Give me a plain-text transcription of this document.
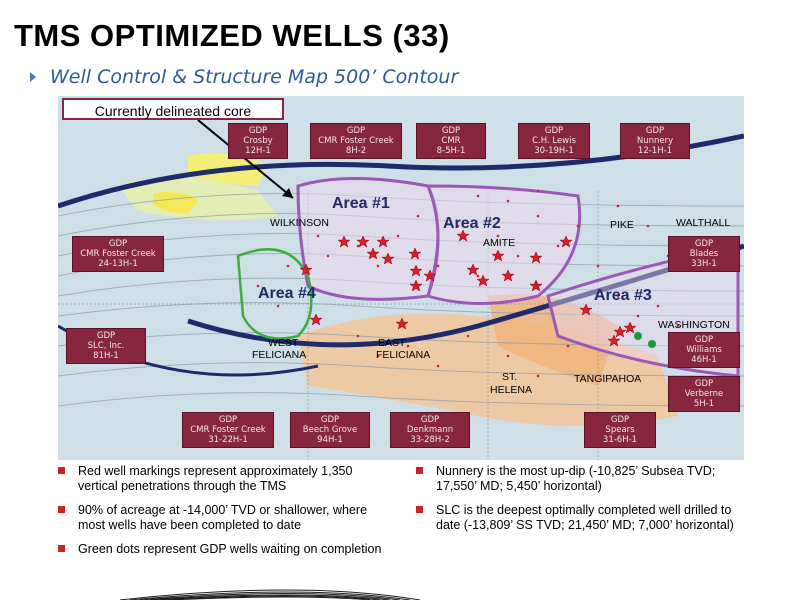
TMS OPTIMIZED WELLS (33)
Well Control & Structure Map 500’ Contour
Area #1
Area #2
Area #3
Area #4
WILKINSON
AMITE
PIKE	WALTHALL
WASHINGTON
WEST
FELICIANA
EAST
FELICIANA
ST.
HELENA
TANGIPAHOA
Currently delineated core
GDP
Crosby
12H-1
GDP
CMR Foster Creek
8H-2
GDP
CMR
8-5H-1
GDP
C.H. Lewis
30-19H-1
GDP
Nunnery
12-1H-1
GDP
CMR Foster Creek
24-13H-1
GDP
Blades
33H-1
GDP
SLC, Inc.
81H-1
GDP
Williams
46H-1
GDP
Verberne
5H-1
GDP
CMR Foster Creek
31-22H-1
GDP
Beech Grove
94H-1
GDP
Denkmann
33-28H-2
GDP
Spears
31-6H-1
Red well markings represent approximately 1,350 vertical penetrations through the TMS
90% of acreage at -14,000’ TVD or shallower, where most wells have been completed to date
Green dots represent GDP wells waiting on completion
Nunnery is the most up-dip (-10,825’ Subsea TVD; 17,550’ MD; 5,450’ horizontal)
SLC is the deepest optimally completed well drilled to date (-13,809’ SS TVD; 21,450’ MD; 7,000’ horizontal)
